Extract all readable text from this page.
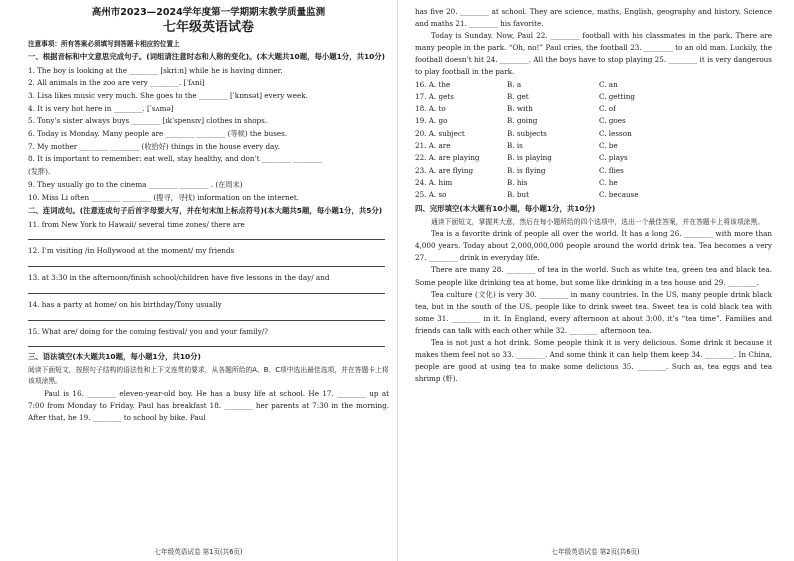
高州市2023—2024学年度第一学期期末教学质量监测
七年级英语试卷
注意事项：所有答案必须填写到答题卡相应的位置上
一、根据音标和中文意思完成句子。(词组请注意时态和人称的变化)。(本大题共10题，每小题1分，共10分)
1. The boy is looking at the ________ [skriːn] while he is having dinner.
2. All animals in the zoo are very ________. [ˈfʌni]
3. Lisa likes music very much. She goes to the ________ [ˈkɒnsət] every week.
4. It is very hot here in ________. [ˈsʌmə]
5. Tony’s sister always buys ________ [ɪkˈspensɪv] clothes in shops.
6. Today is Monday. Many people are ________ ________ (等候) the buses.
7. My mother ________ ________ (收拾好) things in the house every day.
8. It is important to remember: eat well, stay healthy, and don’t ________ ________
(发胖).
9. They usually go to the cinema ________ ________ . (在周末)
10. Miss Li often ________ ________ (搜寻，寻找) information on the internet.
二、连词成句。(注意连成句子后首字母要大写，并在句末加上标点符号)(本大题共5题，每小题1分，共5分)
11. from New York to Hawaii/ several time zones/ there are
12. I’m visiting /in Hollywood at the moment/ my friends
13. at 3:30 in the afternoon/finish school/children have five lessons in the day/ and
14. has a party at home/ on his birthday/Tony usually
15. What are/ doing for the coming festival/ you and your family/?
三、语法填空(本大题共10题，每小题1分，共10分)
阅读下面短文，按照句子结构的语法性和上下文连贯的要求，从各题所给的A、B、C项中选出最佳选项，并在答题卡上将该项涂黑。

Paul is 16. ________ eleven-year-old boy. He has a busy life at school. He 17. ________ up at 7:00 from Monday to Friday. Paul has breakfast 18. ________ her parents at 7:30 in the morning. After that, he 19. ________ to school by bike. Paul

七年级英语试卷 第1页(共6页)

has five 20. ________ at school. They are science, maths, English, geography and history. Science and maths 21. ________ his favorite.

Today is Sunday. Now, Paul 22. ________ football with his classmates in the park. There are many people in the park. “Oh, no!” Paul cries, the football 23. ________ to an old man. Luckily, the football doesn’t hit 24. ________. All the boys have to stop playing 25. ________ it is very dangerous to play football in the park.

16. A. the	B. a	C. an
17. A. gets	B. get	C. getting
18. A. to	B. with	C. of
19. A. go	B. going	C. goes
20. A. subject	B. subjects	C. lesson
21. A. are	B. is	C. be
22. A. are playing	B. is playing	C. plays
23. A. are flying	B. is flying	C. flies
24. A. him	B. his	C. he
25. A. so	B. but	C. because
四、完形填空(本大题有10小题，每小题1分，共10分)

通读下面短文，掌握其大意，然后在每小题所给的四个选项中，选出一个最佳答案，并在答题卡上将该项涂黑。

Tea is a favorite drink of people all over the world. It has a long 26. ________ with more than 4,000 years. Today about 2,000,000,000 people around the world drink tea. Tea becomes a very 27. ________ drink in everyday life.

There are many 28. ________ of tea in the world. Such as white tea, green tea and black tea. Some people like drinking tea at home, but some like drinking in a tea house and 29. ________.

Tea culture (文化) is very 30. ________ in many countries. In the US, many people drink black tea, but in the south of the US, people like to drink sweet tea. Sweet tea is cold black tea with some 31. ________ in it. In England, every afternoon at about 3:00, it’s “tea time”. Families and friends can talk with each other while 32. ________ afternoon tea.

Tea is not just a hot drink. Some people think it is very delicious. Some drink it because it makes them feel not so 33. ________. And some think it can help them keep 34. ________. In China, people are good at using tea to make some delicious 35. ________. Such as, tea eggs and tea shrimp (虾).

七年级英语试卷 第2页(共6页)
